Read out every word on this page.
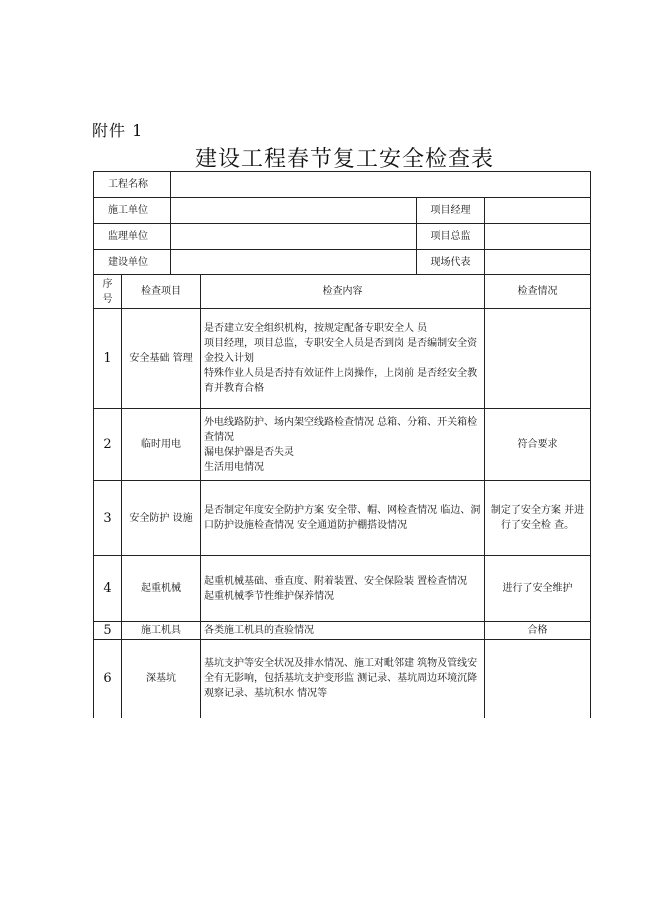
附件 1
建设工程春节复工安全检查表
工程名称			
施工单位		项目经理	
监理单位		项目总监	
建设单位		现场代表	
序 号	检查项目	检查内容	检查情况
1	安全基础 管理	是否建立安全组织机构，按规定配备专职安全人 员
项目经理，项目总监，专职安全人员是否到岗 是否编制安全资金投入计划
特殊作业人员是否持有效证件上岗操作，上岗前 是否经安全教育并教育合格	

2	临时用电	外电线路防护、场内架空线路检查情况 总箱、分箱、开关箱检查情况
漏电保护器是否失灵
生活用电情况	符合要求
3	安全防护 设施	是否制定年度安全防护方案 安全带、帽、网检查情况 临边、洞口防护设施检查情况 安全通道防护棚搭设情况	制定了安全方案 并进行了安全检 查。
4	起重机械	起重机械基础、垂直度、附着装置、安全保险装 置检查情况
起重机械季节性维护保养情况	进行了安全维护
5	施工机具	各类施工机具的查验情况	合格
6	深基坑	基坑支护等安全状况及排水情况、施工对毗邻建 筑物及管线安全有无影响，包括基坑支护变形监 测记录、基坑周边环境沉降观察记录、基坑积水 情况等	
